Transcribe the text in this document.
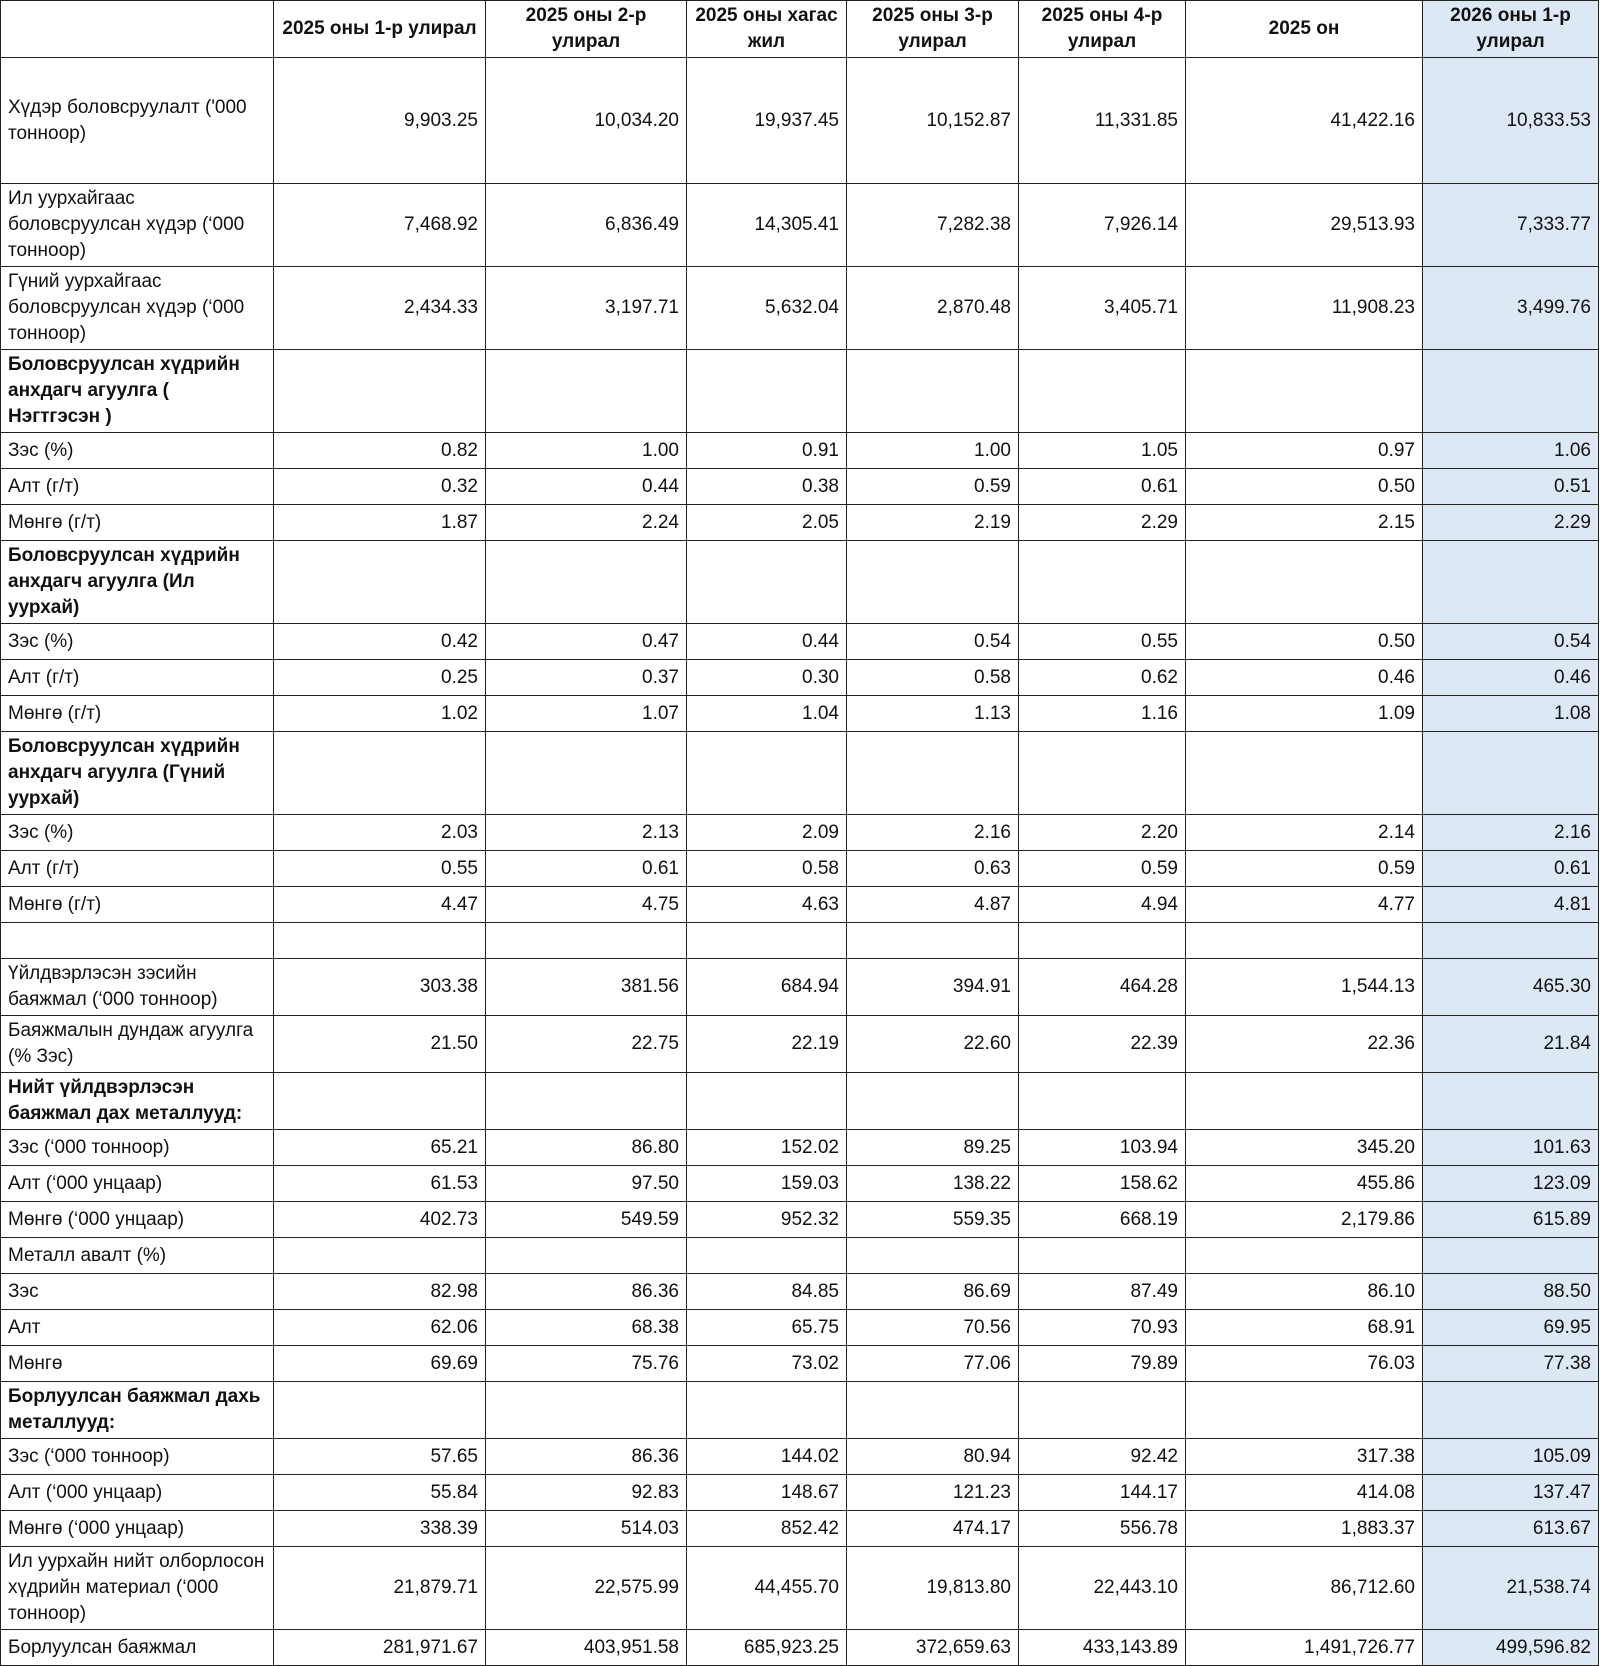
	2025 оны 1-р улирал	2025 оны 2-р улирал	2025 оны хагас жил	2025 оны 3-р улирал	2025 оны 4-р улирал	2025 он	2026 оны 1-р улирал
Хүдэр боловсруулалт ('000 тоннoор)	9,903.25	10,034.20	19,937.45	10,152.87	11,331.85	41,422.16	10,833.53
Ил уурхайгаас боловсруулсан хүдэр (‘000 тоннoор)	7,468.92	6,836.49	14,305.41	7,282.38	7,926.14	29,513.93	7,333.77
Гүний уурхайгаас боловсруулсан хүдэр (‘000 тоннoор)	2,434.33	3,197.71	5,632.04	2,870.48	3,405.71	11,908.23	3,499.76
Боловсруулсан хүдрийн анхдагч агуулга ( Нэгтгэсэн )							
Зэс (%)	0.82	1.00	0.91	1.00	1.05	0.97	1.06
Алт (г/т)	0.32	0.44	0.38	0.59	0.61	0.50	0.51
Мөнгө (г/т)	1.87	2.24	2.05	2.19	2.29	2.15	2.29
Боловсруулсан хүдрийн анхдагч агуулга (Ил уурхай)							
Зэс (%)	0.42	0.47	0.44	0.54	0.55	0.50	0.54
Алт (г/т)	0.25	0.37	0.30	0.58	0.62	0.46	0.46
Мөнгө (г/т)	1.02	1.07	1.04	1.13	1.16	1.09	1.08
Боловсруулсан хүдрийн анхдагч агуулга (Гүний уурхай)							
Зэс (%)	2.03	2.13	2.09	2.16	2.20	2.14	2.16
Алт (г/т)	0.55	0.61	0.58	0.63	0.59	0.59	0.61
Мөнгө (г/т)	4.47	4.75	4.63	4.87	4.94	4.77	4.81

Үйлдвэрлэсэн зэсийн баяжмал (‘000 тоннoор)	303.38	381.56	684.94	394.91	464.28	1,544.13	465.30
Баяжмалын дундаж агуулга (% Зэс)	21.50	22.75	22.19	22.60	22.39	22.36	21.84
Нийт үйлдвэрлэсэн баяжмал дах металлууд:							
Зэс (‘000 тоннoор)	65.21	86.80	152.02	89.25	103.94	345.20	101.63
Алт (‘000 унцаар)	61.53	97.50	159.03	138.22	158.62	455.86	123.09
Мөнгө (‘000 унцаар)	402.73	549.59	952.32	559.35	668.19	2,179.86	615.89
Металл авалт (%)							
Зэс	82.98	86.36	84.85	86.69	87.49	86.10	88.50
Алт	62.06	68.38	65.75	70.56	70.93	68.91	69.95
Мөнгө	69.69	75.76	73.02	77.06	79.89	76.03	77.38
Борлуулсан баяжмал дахь металлууд:							
Зэс (‘000 тоннoор)	57.65	86.36	144.02	80.94	92.42	317.38	105.09
Алт (‘000 унцаар)	55.84	92.83	148.67	121.23	144.17	414.08	137.47
Мөнгө (‘000 унцаар)	338.39	514.03	852.42	474.17	556.78	1,883.37	613.67
Ил уурхайн нийт олборлосон хүдрийн материал (‘000 тоннoор)	21,879.71	22,575.99	44,455.70	19,813.80	22,443.10	86,712.60	21,538.74
Борлуулсан баяжмал	281,971.67	403,951.58	685,923.25	372,659.63	433,143.89	1,491,726.77	499,596.82
